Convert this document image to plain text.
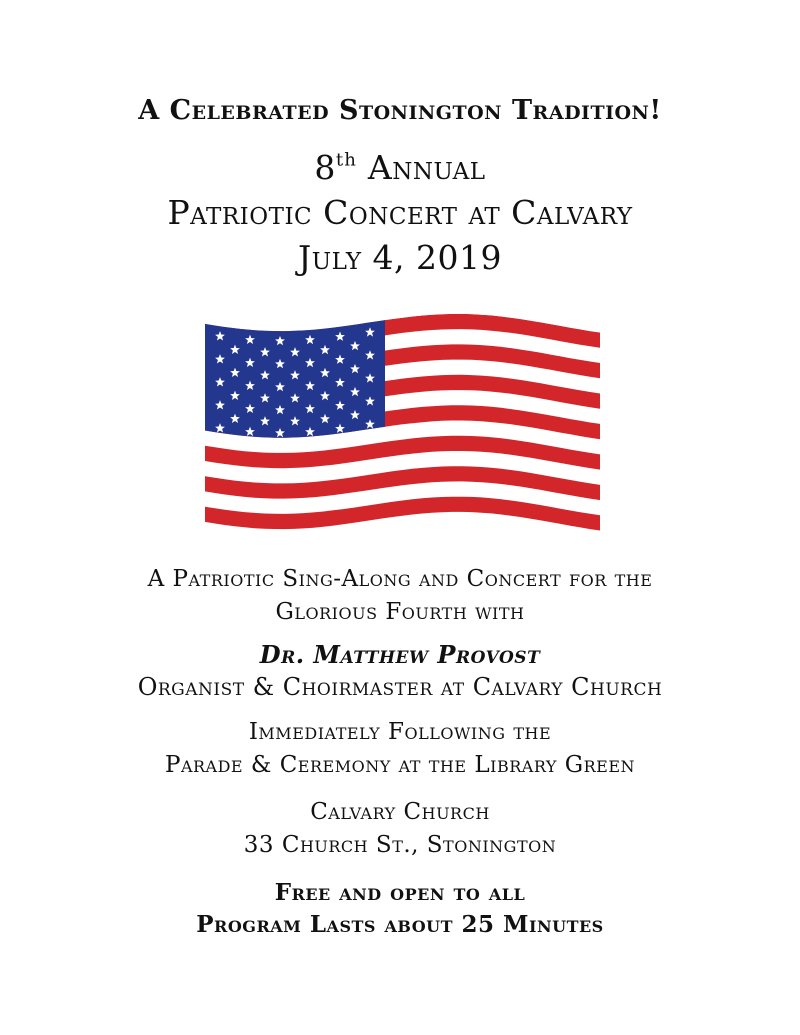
A Celebrated Stonington Tradition!
8th Annual
Patriotic Concert at Calvary
July 4, 2019
A Patriotic Sing-Along and Concert for the
Glorious Fourth with
Dr. Matthew Provost
Organist & Choirmaster at Calvary Church
Immediately Following the
Parade & Ceremony at the Library Green
Calvary Church
33 Church St., Stonington
Free and open to all
Program Lasts about 25 Minutes
